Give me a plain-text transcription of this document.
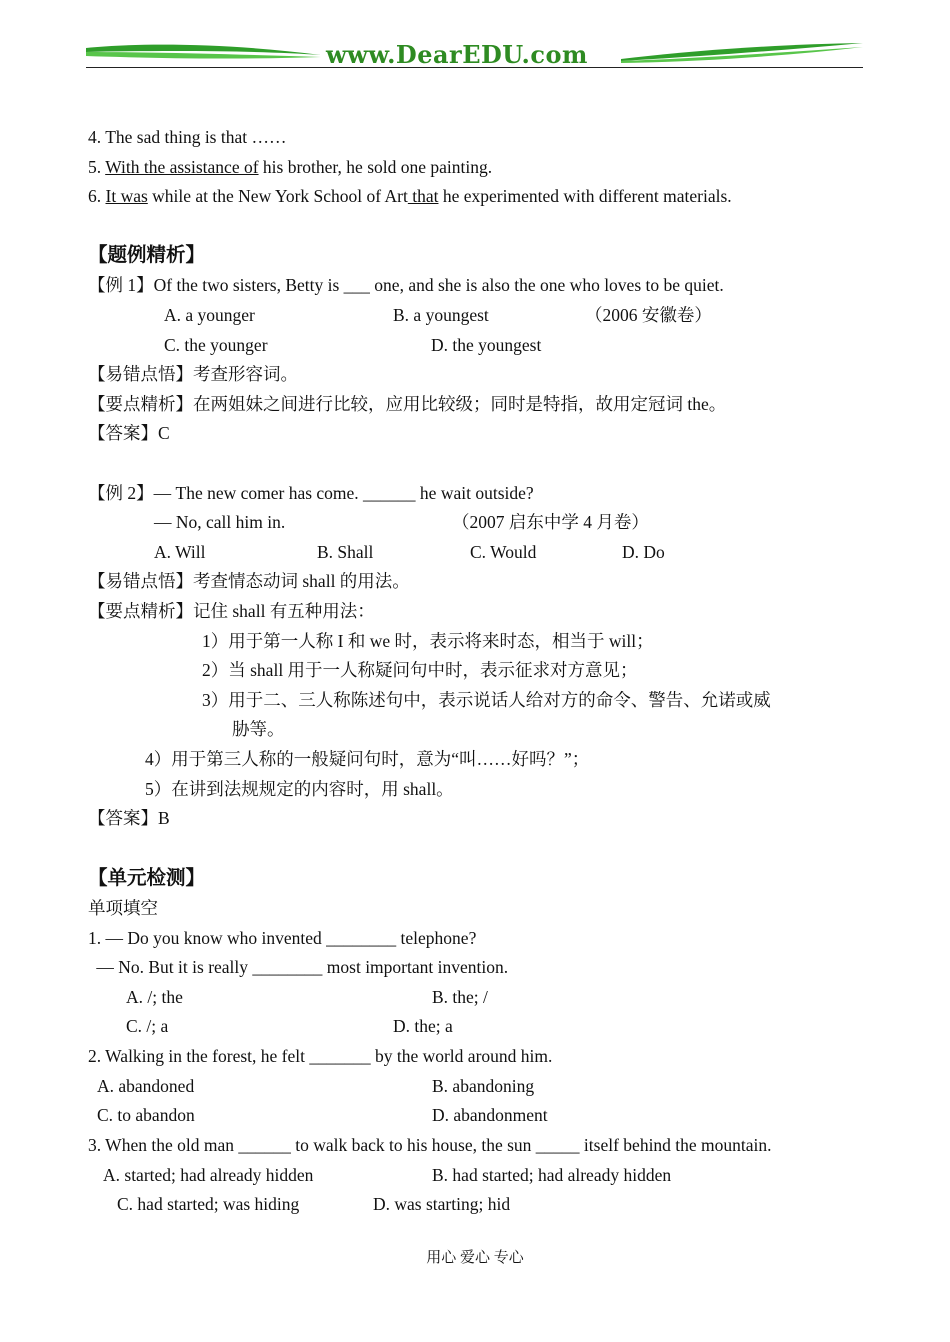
www.DearEDU.com
4. The sad thing is that ……
5. With the assistance of his brother, he sold one painting.
6. It was while at the New York School of Art that he experimented with different materials.
【题例精析】
【例 1】Of the two sisters, Betty is ___ one, and she is also the one who loves to be quiet.
A. a younger	B. a youngest	（2006 安徽卷）
C. the younger	D. the youngest
【易错点悟】考查形容词。
【要点精析】在两姐妹之间进行比较，应用比较级；同时是特指，故用定冠词 the。
【答案】C
【例 2】— The new comer has come. ______ he wait outside?
— No, call him in.	（2007 启东中学 4 月卷）
A. Will	B. Shall	C. Would	D. Do
【易错点悟】考查情态动词 shall 的用法。
【要点精析】记住 shall 有五种用法：
1）用于第一人称 I 和 we 时，表示将来时态，相当于 will；
2）当 shall 用于一人称疑问句中时，表示征求对方意见；
3）用于二、三人称陈述句中，表示说话人给对方的命令、警告、允诺或威
胁等。
4）用于第三人称的一般疑问句时，意为“叫……好吗？”；
5）在讲到法规规定的内容时，用 shall。
【答案】B
【单元检测】
单项填空
1. — Do you know who invented ________ telephone?
— No. But it is really ________ most important invention.
A. /; the	B. the; /
C. /; a	D. the; a
2. Walking in the forest, he felt _______ by the world around him.
A. abandoned	B. abandoning
C. to abandon	D. abandonment
3. When the old man ______ to walk back to his house, the sun _____ itself behind the mountain.
A. started; had already hidden	B. had started; had already hidden
C. had started; was hiding	D. was starting; hid
用心 爱心 专心
